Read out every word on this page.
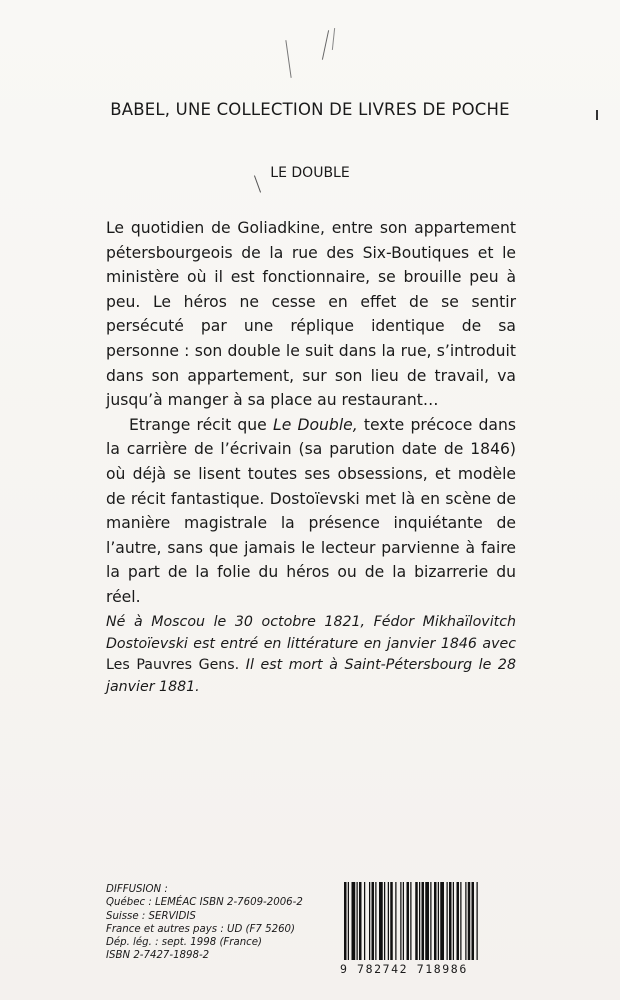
BABEL, UNE COLLECTION DE LIVRES DE POCHE
LE DOUBLE

Le quotidien de Goliadkine, entre son appartement pétersbourgeois de la rue des Six-Boutiques et le ministère où il est fonctionnaire, se brouille peu à peu. Le héros ne cesse en effet de se sentir persécuté par une réplique identique de sa personne : son double le suit dans la rue, s’introduit dans son appartement, sur son lieu de travail, va jusqu’à manger à sa place au restaurant…

Etrange récit que Le Double, texte précoce dans la carrière de l’écrivain (sa parution date de 1846) où déjà se lisent toutes ses obsessions, et modèle de récit fantastique. Dostoïevski met là en scène de manière magistrale la présence inquiétante de l’autre, sans que jamais le lecteur parvienne à faire la part de la folie du héros ou de la bizarrerie du réel.

Né à Moscou le 30 octobre 1821, Fédor Mikhaïlovitch Dostoïevski est entré en littérature en janvier 1846 avec Les Pauvres Gens. Il est mort à Saint-Pétersbourg le 28 janvier 1881.
DIFFUSION :
Québec : LEMÉAC ISBN 2-7609-2006-2
Suisse : SERVIDIS
France et autres pays : UD (F7 5260)
Dép. lég. : sept. 1998 (France)
ISBN 2-7427-1898-2
9 782742 718986
